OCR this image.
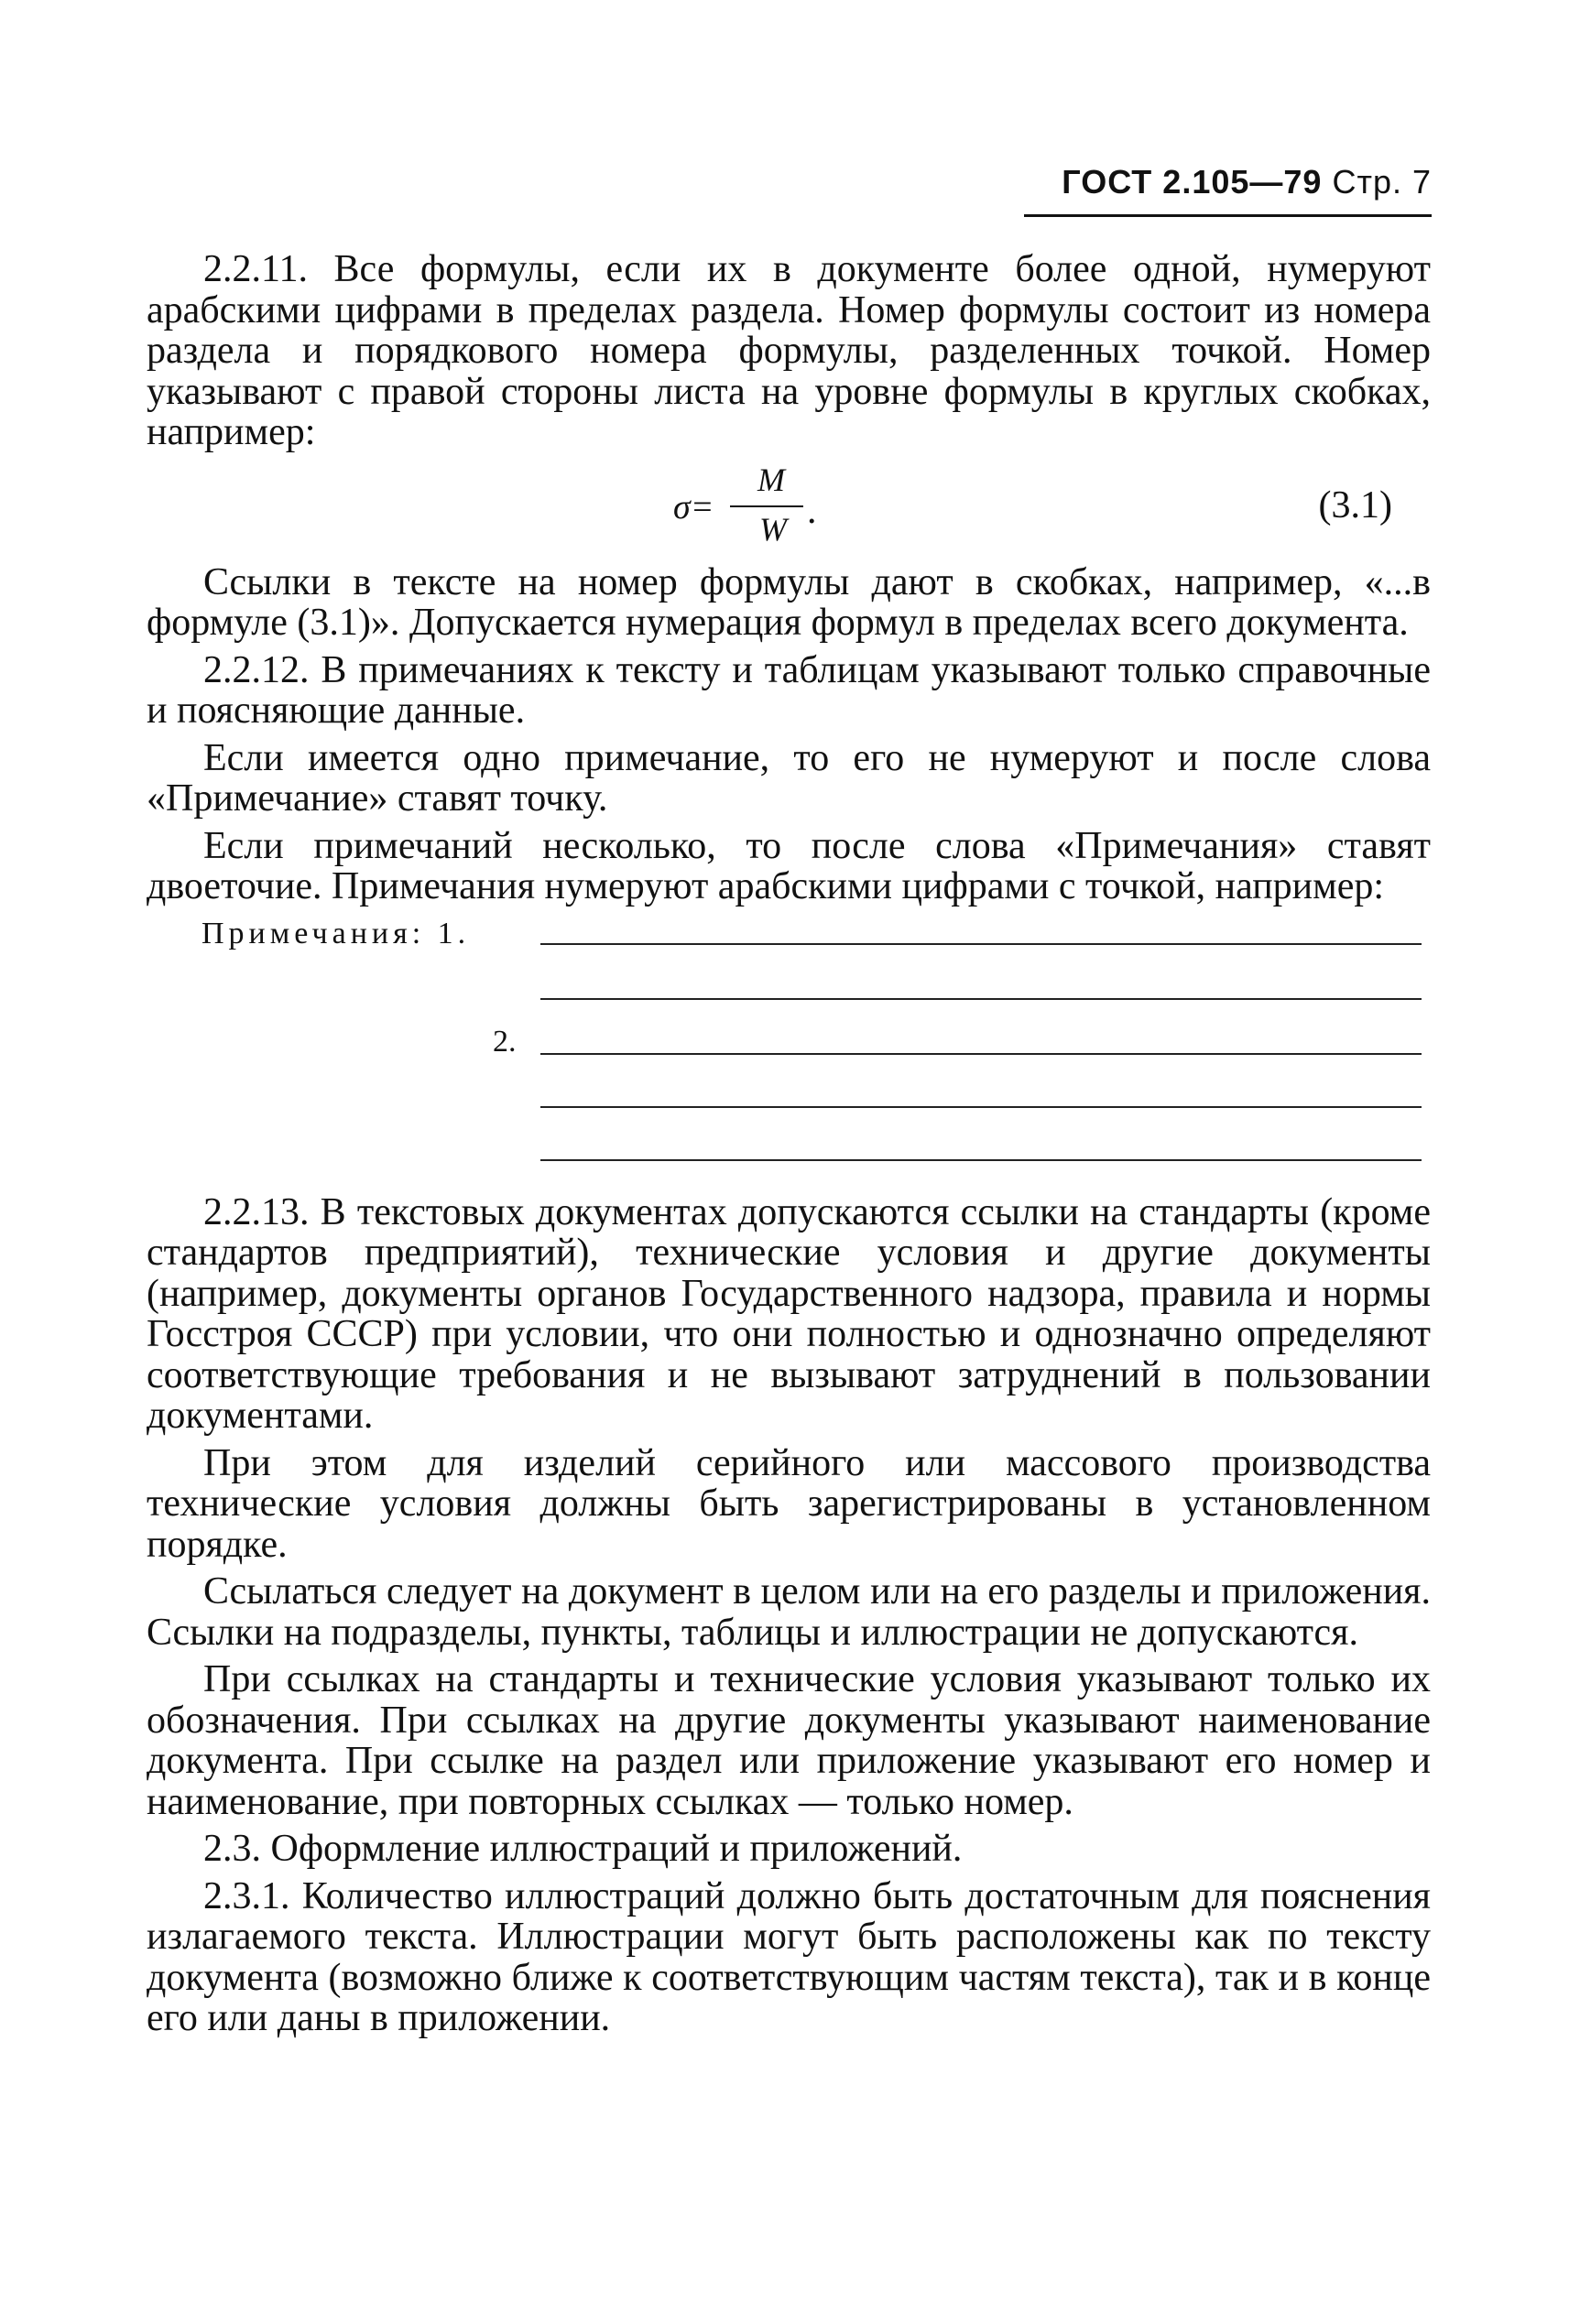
ГОСТ 2.105—79 Стр. 7

2.2.11. Все формулы, если их в документе более одной, нумеруют арабскими цифрами в пределах раздела. Номер формулы состоит из номера раздела и порядкового номера формулы, разделенных точкой. Номер указывают с правой стороны листа на уровне формулы в круглых скобках, например:

σ=
M
W .	(3.1)

Ссылки в тексте на номер формулы дают в скобках, например, «...в формуле (3.1)». Допускается нумерация формул в пределах всего документа.

2.2.12. В примечаниях к тексту и таблицам указывают только справочные и поясняющие данные.

Если имеется одно примечание, то его не нумеруют и после слова «Примечание» ставят точку.

Если примечаний несколько, то после слова «Примечания» ставят двоеточие. Примечания нумеруют арабскими цифрами с точкой, например:

Примечания: 1.
2.

2.2.13. В текстовых документах допускаются ссылки на стандарты (кроме стандартов предприятий), технические условия и другие документы (например, документы органов Государственного надзора, правила и нормы Госстроя СССР) при условии, что они полностью и однозначно определяют соответствующие требования и не вызывают затруднений в пользовании документами.

При этом для изделий серийного или массового производства технические условия должны быть зарегистрированы в установленном порядке.

Ссылаться следует на документ в целом или на его разделы и приложения. Ссылки на подразделы, пункты, таблицы и иллюстрации не допускаются.

При ссылках на стандарты и технические условия указывают только их обозначения. При ссылках на другие документы указывают наименование документа. При ссылке на раздел или приложение указывают его номер и наименование, при повторных ссылках — только номер.

2.3. Оформление иллюстраций и приложений.

2.3.1. Количество иллюстраций должно быть достаточным для пояснения излагаемого текста. Иллюстрации могут быть расположены как по тексту документа (возможно ближе к соответствующим частям текста), так и в конце его или даны в приложении.
